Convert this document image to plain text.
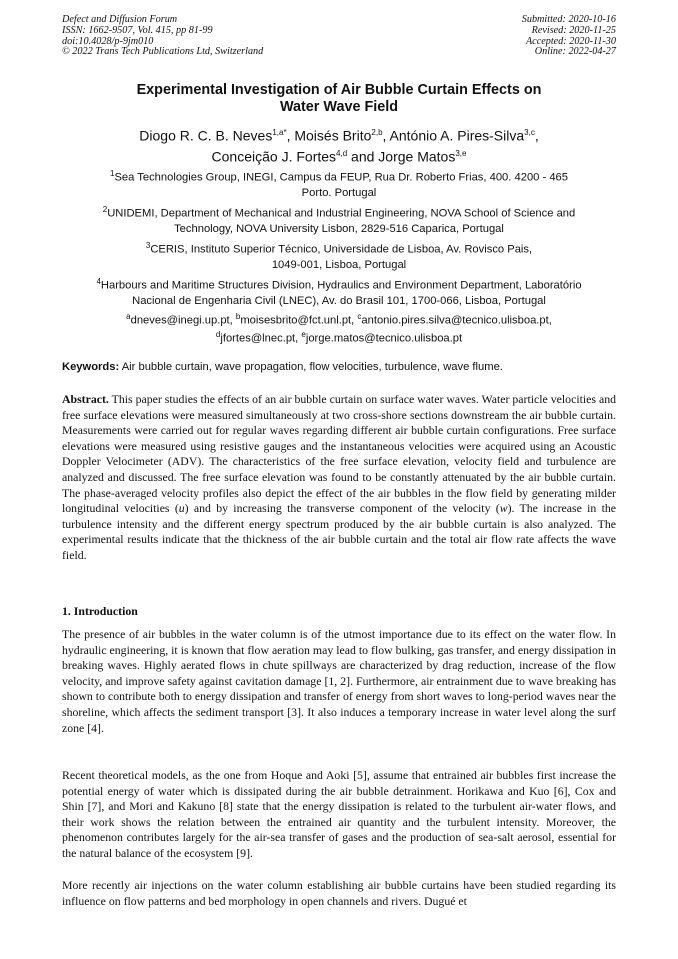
Defect and Diffusion Forum
ISSN: 1662-9507, Vol. 415, pp 81-99
doi:10.4028/p-9jm010
© 2022 Trans Tech Publications Ltd, Switzerland
Submitted: 2020-10-16
Revised: 2020-11-25
Accepted: 2020-11-30
Online: 2022-04-27
Experimental Investigation of Air Bubble Curtain Effects on
Water Wave Field
Diogo R. C. B. Neves$^{1,a*}$, Moisés Brito$^{2,b}$, António A. Pires-Silva$^{3,c}$,
Conceição J. Fortes$^{4,d}$ and Jorge Matos$^{3,e}$
$^1$Sea Technologies Group, INEGI, Campus da FEUP, Rua Dr. Roberto Frias, 400. 4200 - 465
Porto. Portugal
$^2$UNIDEMI, Department of Mechanical and Industrial Engineering, NOVA School of Science and
Technology, NOVA University Lisbon, 2829-516 Caparica, Portugal
$^3$CERIS, Instituto Superior Técnico, Universidade de Lisboa, Av. Rovisco Pais,
1049-001, Lisboa, Portugal
$^4$Harbours and Maritime Structures Division, Hydraulics and Environment Department, Laboratório
Nacional de Engenharia Civil (LNEC), Av. do Brasil 101, 1700-066, Lisboa, Portugal
$^a$dneves@inegi.up.pt, $^b$moisesbrito@fct.unl.pt, $^c$antonio.pires.silva@tecnico.ulisboa.pt,
$^d$jfortes@lnec.pt, $^e$jorge.matos@tecnico.ulisboa.pt
Keywords: Air bubble curtain, wave propagation, flow velocities, turbulence, wave flume.

Abstract. This paper studies the effects of an air bubble curtain on surface water waves. Water particle velocities and free surface elevations were measured simultaneously at two cross-shore sections downstream the air bubble curtain. Measurements were carried out for regular waves regarding different air bubble curtain configurations. Free surface elevations were measured using resistive gauges and the instantaneous velocities were acquired using an Acoustic Doppler Velocimeter (ADV). The characteristics of the free surface elevation, velocity field and turbulence are analyzed and discussed. The free surface elevation was found to be constantly attenuated by the air bubble curtain. The phase-averaged velocity profiles also depict the effect of the air bubbles in the flow field by generating milder longitudinal velocities (u) and by increasing the transverse component of the velocity (w). The increase in the turbulence intensity and the different energy spectrum produced by the air bubble curtain is also analyzed. The experimental results indicate that the thickness of the air bubble curtain and the total air flow rate affects the wave field.

1. Introduction

The presence of air bubbles in the water column is of the utmost importance due to its effect on the water flow. In hydraulic engineering, it is known that flow aeration may lead to flow bulking, gas transfer, and energy dissipation in breaking waves. Highly aerated flows in chute spillways are characterized by drag reduction, increase of the flow velocity, and improve safety against cavitation damage [1, 2]. Furthermore, air entrainment due to wave breaking has shown to contribute both to energy dissipation and transfer of energy from short waves to long-period waves near the shoreline, which affects the sediment transport [3]. It also induces a temporary increase in water level along the surf zone [4].

Recent theoretical models, as the one from Hoque and Aoki [5], assume that entrained air bubbles first increase the potential energy of water which is dissipated during the air bubble detrainment. Horikawa and Kuo [6], Cox and Shin [7], and Mori and Kakuno [8] state that the energy dissipation is related to the turbulent air-water flows, and their work shows the relation between the entrained air quantity and the turbulent intensity. Moreover, the phenomenon contributes largely for the air-sea transfer of gases and the production of sea-salt aerosol, essential for the natural balance of the ecosystem [9].

More recently air injections on the water column establishing air bubble curtains have been studied regarding its influence on flow patterns and bed morphology in open channels and rivers. Dugué et
